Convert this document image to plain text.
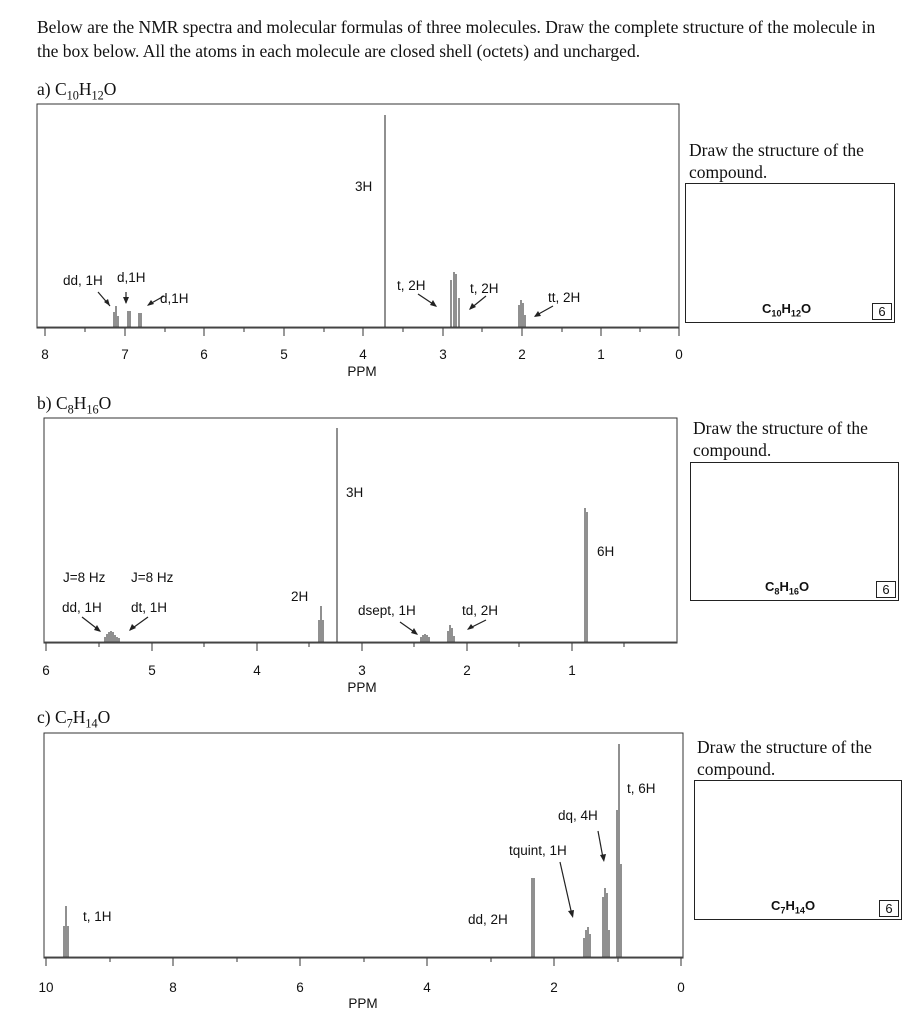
Below are the NMR spectra and molecular formulas of three molecules. Draw the complete structure of the molecule in the box below. All the atoms in each molecule are closed shell (octets) and uncharged.
a) $C_{10}H_{12}O$
8	7	6	5	4	3	2	1	0
PPM
dd, 1H d,1H
d,1H
3H
t, 2H	t, 2H
tt, 2H
Draw the structure of the compound.
$C_{10}H_{12}O$	6
b) $C_8H_{16}O$
6	5	4	3	2	1
PPM
J=8 Hz J=8 Hz
dd, 1H dt, 1H
2H
3H
dsept, 1H	td, 2H
6H
Draw the structure of the compound.
$C_8H_{16}O$	6
c) $C_7H_{14}O$
10	8	6	4	2	0
PPM
t, 1H	dd, 2H
tquint, 1H
dq, 4H
t, 6H
Draw the structure of the compound.
$C_7H_{14}O$	6
